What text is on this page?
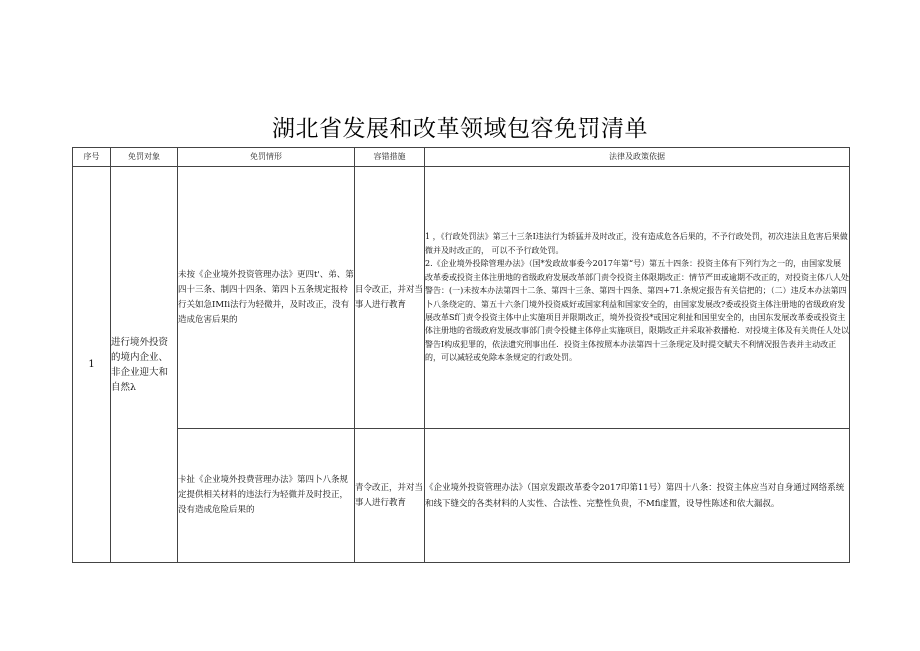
湖北省发展和改革领域包容免罚清单
序号	免罚对象	免罚情形	容错措施	法律及政策依据
1	进行境外投资的境内企业、非企业迎大和自然λ	未按《企业境外投资管理办法》更四t'、弟、第四十三条、制四十四条、第四卜五条规定报柃行关如急IMIi法行为轻微并，及时改正，没有造成危害后果的	目令改正，并对当事人进行教育	1 ，《行政处罚法》第三十三条I违法行为轿猛并及时改正，没有造成危各后果的，不予行政处罚，初次违法且危害后果做微并及时改正的， 可以不予行政处罚。

2.《企业境外投除管理办法》（国*发政故事委今2017年第“号）第五十四条：投资主体有下列行为之一的，由国家发展改革委或投资主体注册地的省级政府发展改革部门责令投资主体限期改正：情节严田或逾期不改正的，对投资主体八人处警告：(一)未按本办法第四十二条、第四十三条、第四十四条、第四+71.条规定报告有关信把的；（二）违反本办法第四卜八条绕定的、第五十六条门境外投资威好或国家利益和国家安全的，由国家发展改?委或投资主体注册地的省级政府发展改革Sf门责令投资主体中止实施项目并限期改正，境外投资投*或国定利扯和国里安全的，由国东发展改革委或投资主体注册地的省级政府发展改事部门责令投健主体停止实施项目，限期改正并采取补救播枪．对投境主体及有关贵任人处以警告I构成犯罪的，依法遗究刑事出任．投资主体按照本办法第四十三条现定及时提交賦夫不利情况报告表并主动改正的，可以减轻或免除本条规定的行政处罚。

		卡扯《企业境外投费营理办法》第四卜八条规定提供相关材料的违法行为轻微并及时投正，没有造成危险后果的	青令改正，并对当事人进行教育	《企业境外投资管理办法》（国京发跟改革委令2017印第11号）第四十八条：投资主体应当对自身通过网络系统和线下缝交的各类材料的人实性、合法性、完整性负贵，不Mfi虚置，设导性陈述和依大漏叔。
